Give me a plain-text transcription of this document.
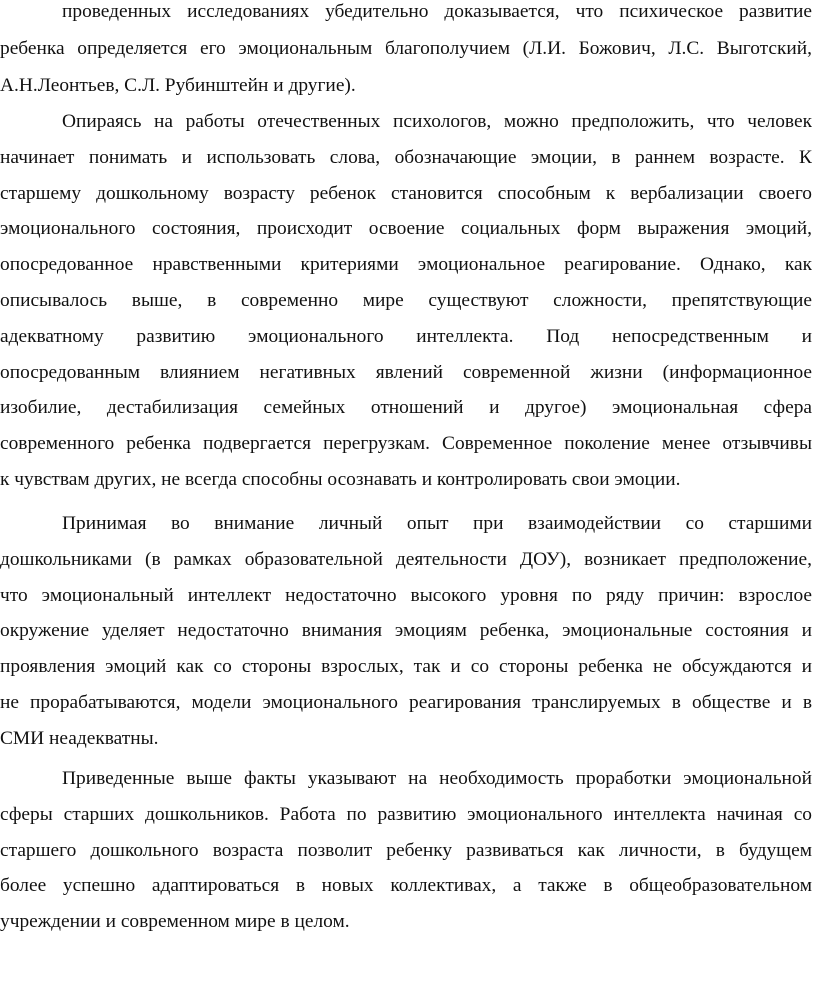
проведенных исследованиях убедительно доказывается, что психическое развитие
ребенка определяется его эмоциональным благополучием (Л.И. Божович, Л.С. Выготский,
А.Н.Леонтьев, С.Л. Рубинштейн и другие).
Опираясь на работы отечественных психологов, можно предположить, что человек
начинает понимать и использовать слова, обозначающие эмоции, в раннем возрасте. К
старшему дошкольному возрасту ребенок становится способным к вербализации своего
эмоционального состояния, происходит освоение социальных форм выражения эмоций,
опосредованное нравственными критериями эмоциональное реагирование. Однако, как
описывалось выше, в современно мире существуют сложности, препятствующие
адекватному развитию эмоционального интеллекта. Под непосредственным и
опосредованным влиянием негативных явлений современной жизни (информационное
изобилие, дестабилизация семейных отношений и другое) эмоциональная сфера
современного ребенка подвергается перегрузкам. Современное поколение менее отзывчивы
к чувствам других, не всегда способны осознавать и контролировать свои эмоции.
Принимая во внимание личный опыт при взаимодействии со старшими
дошкольниками (в рамках образовательной деятельности ДОУ), возникает предположение,
что эмоциональный интеллект недостаточно высокого уровня по ряду причин: взрослое
окружение уделяет недостаточно внимания эмоциям ребенка, эмоциональные состояния и
проявления эмоций как со стороны взрослых, так и со стороны ребенка не обсуждаются и
не прорабатываются, модели эмоционального реагирования транслируемых в обществе и в
СМИ неадекватны.
Приведенные выше факты указывают на необходимость проработки эмоциональной
сферы старших дошкольников. Работа по развитию эмоционального интеллекта начиная со
старшего дошкольного возраста позволит ребенку развиваться как личности, в будущем
более успешно адаптироваться в новых коллективах, а также в общеобразовательном
учреждении и современном мире в целом.
